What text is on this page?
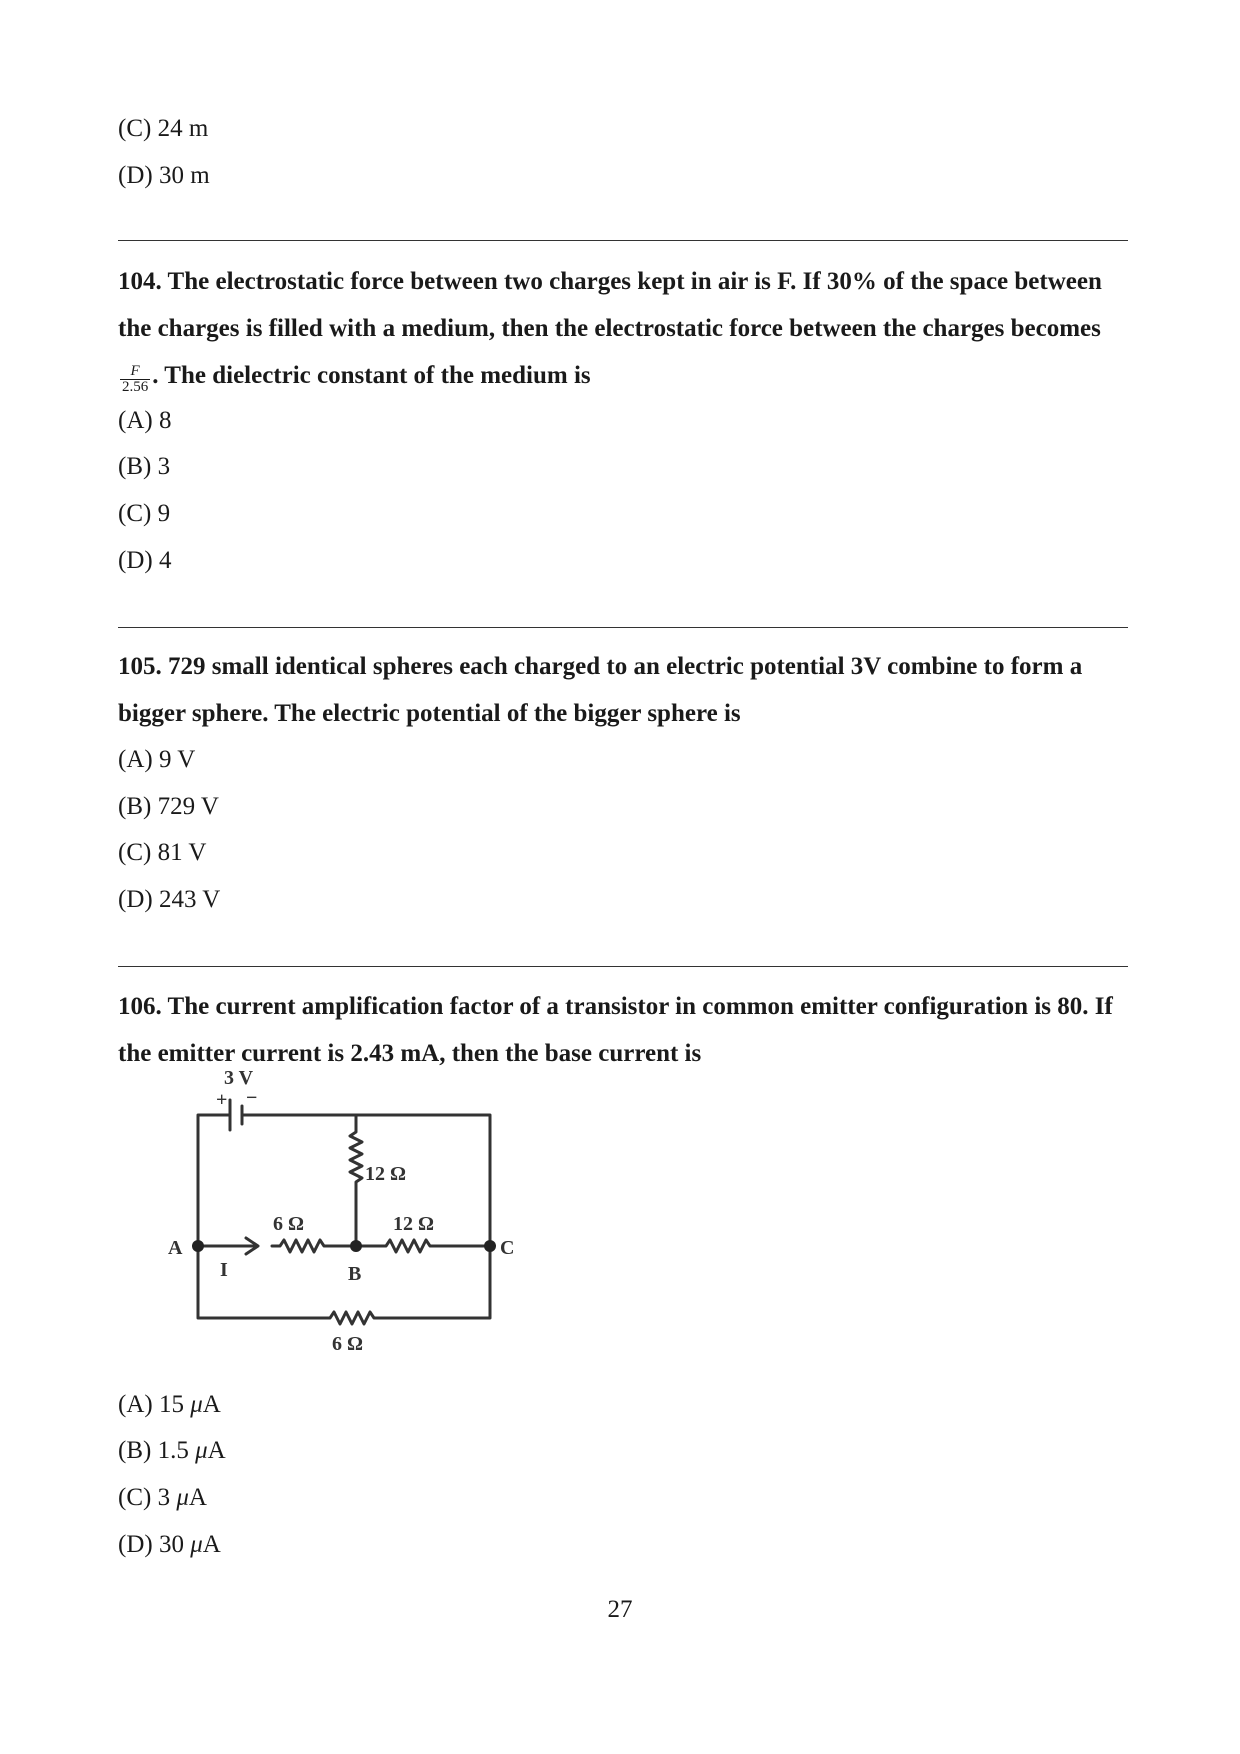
(C) 24 m
(D) 30 m
104. The electrostatic force between two charges kept in air is F. If 30% of the space between the charges is filled with a medium, then the electrostatic force between the charges becomes
$\frac{F}{2.56}$ . The dielectric constant of the medium is
(A) 8
(B) 3
(C) 9
(D) 4
105. 729 small identical spheres each charged to an electric potential 3V combine to form a bigger sphere. The electric potential of the bigger sphere is
(A) 9 V
(B) 729 V
(C) 81 V
(D) 243 V
106. The current amplification factor of a transistor in common emitter configuration is 80. If the emitter current is 2.43 mA, then the base current is
3 V
+ −
12 Ω
6 Ω	12 Ω
6 Ω
A
B
C
I
(A) 15 μA
(B) 1.5 μA
(C) 3 μA
(D) 30 μA
27
